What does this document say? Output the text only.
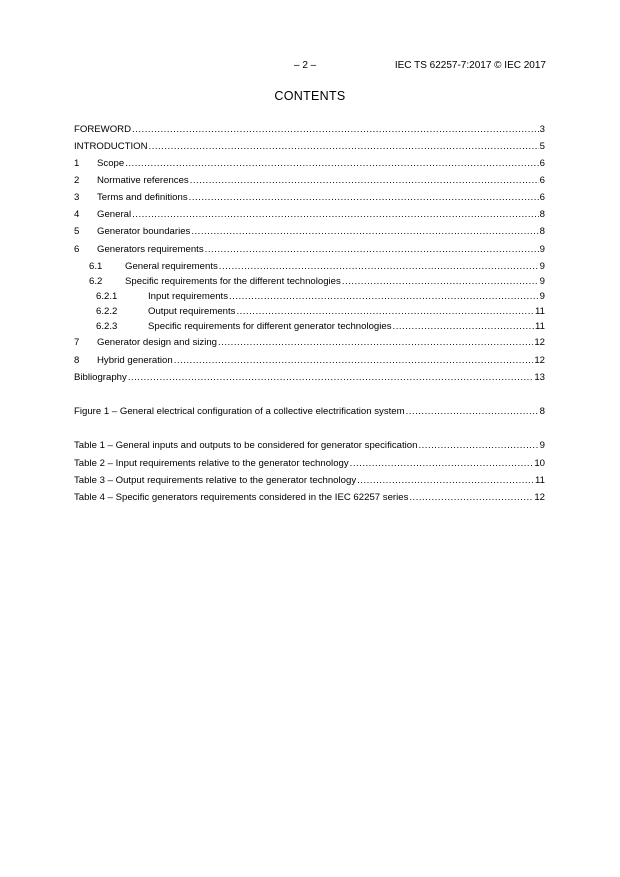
– 2 –	IEC TS 62257-7:2017 © IEC 2017
CONTENTS
FOREWORD .....	3
INTRODUCTION .....	5
1	Scope .....	6
2	Normative references .....	6
3	Terms and definitions .....	6
4	General .....	8
5	Generator boundaries .....	8
6	Generators requirements .....	9
6.1	General requirements .....	9
6.2	Specific requirements for the different technologies .....	9
6.2.1	Input requirements .....	9
6.2.2	Output requirements .....	11
6.2.3	Specific requirements for different generator technologies .....	11
7	Generator design and sizing .....	12
8	Hybrid generation .....	12
Bibliography .....	13
Figure 1 – General electrical configuration of a collective electrification system .....	8
Table 1 – General inputs and outputs to be considered for generator specification .....	9
Table 2 – Input requirements relative to the generator technology .....	10
Table 3 – Output requirements relative to the generator technology .....	11
Table 4 – Specific generators requirements considered in the IEC 62257 series .....	12
